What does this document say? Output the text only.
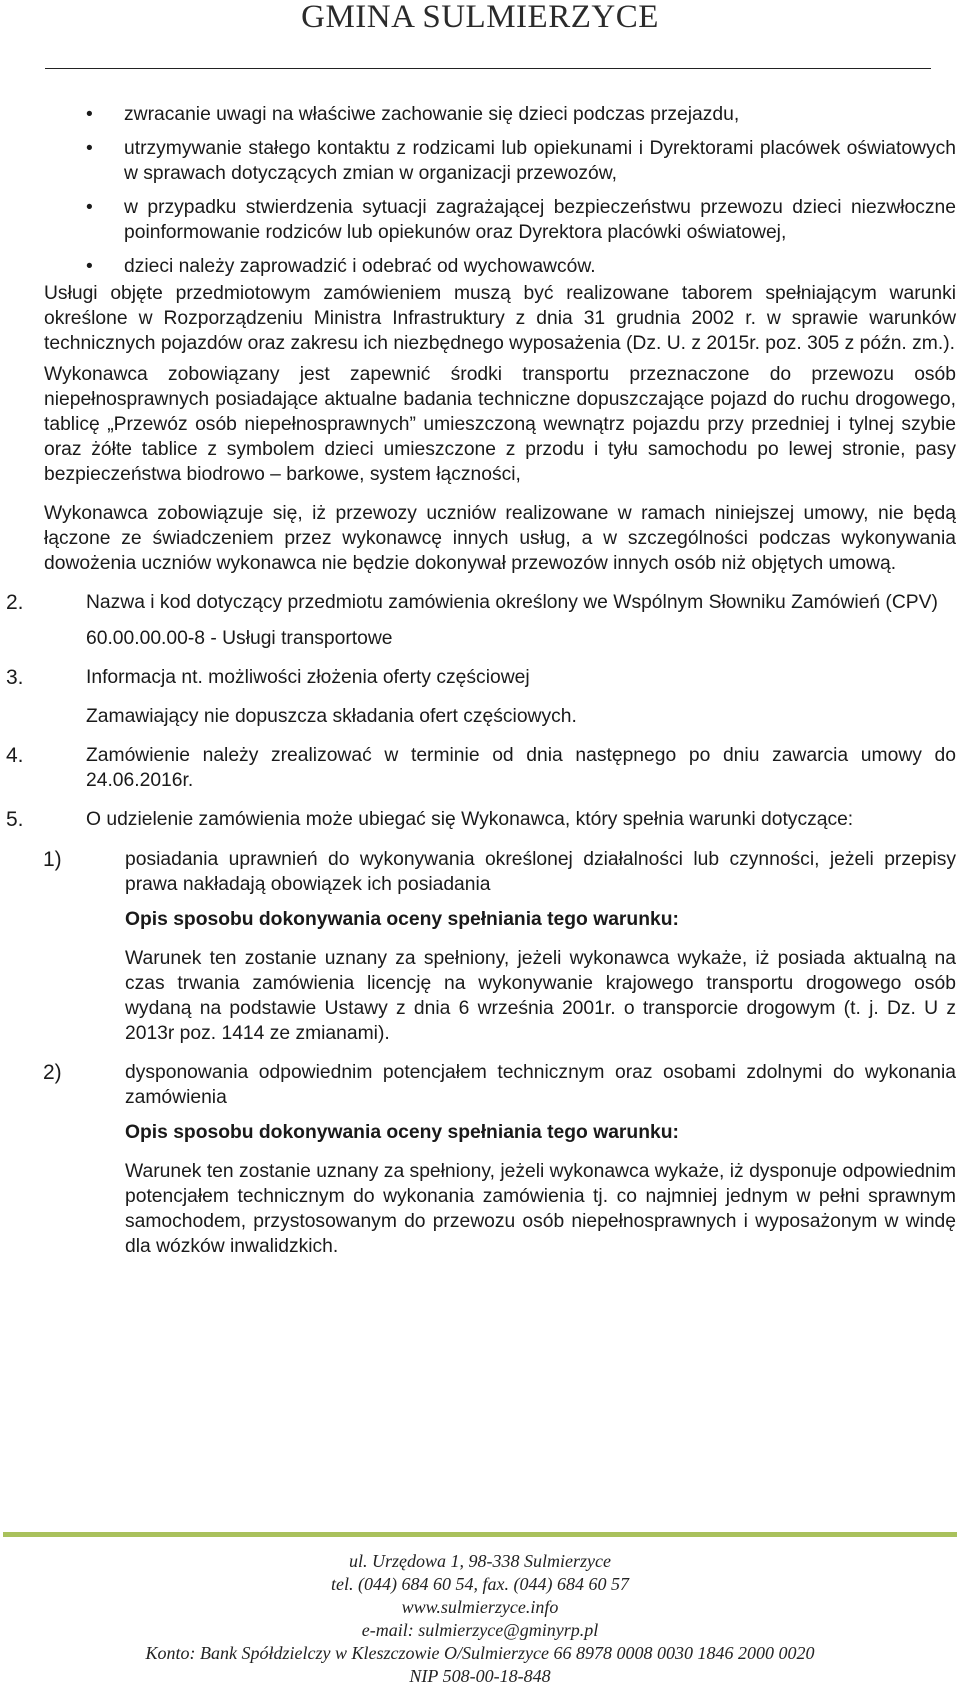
GMINA SULMIERZYCE
• zwracanie uwagi na właściwe zachowanie się dzieci podczas przejazdu,
• utrzymywanie stałego kontaktu z rodzicami lub opiekunami i Dyrektorami placówek oświatowych w sprawach dotyczących zmian w organizacji przewozów,
• w przypadku stwierdzenia sytuacji zagrażającej bezpieczeństwu przewozu dzieci niezwłoczne poinformowanie rodziców lub opiekunów oraz Dyrektora placówki oświatowej,
• dzieci należy zaprowadzić i odebrać od wychowawców.

Usługi objęte przedmiotowym zamówieniem muszą być realizowane taborem spełniającym warunki określone w Rozporządzeniu Ministra Infrastruktury z dnia 31 grudnia 2002 r. w sprawie warunków technicznych pojazdów oraz zakresu ich niezbędnego wyposażenia (Dz. U. z 2015r. poz. 305 z późn. zm.).

Wykonawca zobowiązany jest zapewnić środki transportu przeznaczone do przewozu osób niepełnosprawnych posiadające aktualne badania techniczne dopuszczające pojazd do ruchu drogowego, tablicę „Przewóz osób niepełnosprawnych” umieszczoną wewnątrz pojazdu przy przedniej i tylnej szybie oraz żółte tablice z symbolem dzieci umieszczone z przodu i tyłu samochodu po lewej stronie, pasy bezpieczeństwa biodrowo – barkowe, system łączności,

Wykonawca zobowiązuje się, iż przewozy uczniów realizowane w ramach niniejszej umowy, nie będą łączone ze świadczeniem przez wykonawcę innych usług, a w szczególności podczas wykonywania dowożenia uczniów wykonawca nie będzie dokonywał przewozów innych osób niż objętych umową.

2.	Nazwa i kod dotyczący przedmiotu zamówienia określony we Wspólnym Słowniku Zamówień (CPV)
60.00.00.00-8 - Usługi transportowe
3.	Informacja nt. możliwości złożenia oferty częściowej
Zamawiający nie dopuszcza składania ofert częściowych.
4.	Zamówienie należy zrealizować w terminie od dnia następnego po dniu zawarcia umowy do 24.06.2016r.
5.	O udzielenie zamówienia może ubiegać się Wykonawca, który spełnia warunki dotyczące:
1)	posiadania uprawnień do wykonywania określonej działalności lub czynności, jeżeli przepisy prawa nakładają obowiązek ich posiadania
Opis sposobu dokonywania oceny spełniania tego warunku:
Warunek ten zostanie uznany za spełniony, jeżeli wykonawca wykaże, iż posiada aktualną na czas trwania zamówienia licencję na wykonywanie krajowego transportu drogowego osób wydaną na podstawie Ustawy z dnia 6 września 2001r. o transporcie drogowym (t. j. Dz. U z 2013r poz. 1414 ze zmianami).
2)	dysponowania odpowiednim potencjałem technicznym oraz osobami zdolnymi do wykonania zamówienia
Opis sposobu dokonywania oceny spełniania tego warunku:
Warunek ten zostanie uznany za spełniony, jeżeli wykonawca wykaże, iż dysponuje odpowiednim potencjałem technicznym do wykonania zamówienia tj. co najmniej jednym w pełni sprawnym samochodem, przystosowanym do przewozu osób niepełnosprawnych i wyposażonym w windę dla wózków inwalidzkich.
ul. Urzędowa 1, 98-338 Sulmierzyce
tel. (044) 684 60 54, fax. (044) 684 60 57
www.sulmierzyce.info
e-mail: sulmierzyce@gminyrp.pl
Konto: Bank Spółdzielczy w Kleszczowie O/Sulmierzyce 66 8978 0008 0030 1846 2000 0020
NIP 508-00-18-848
